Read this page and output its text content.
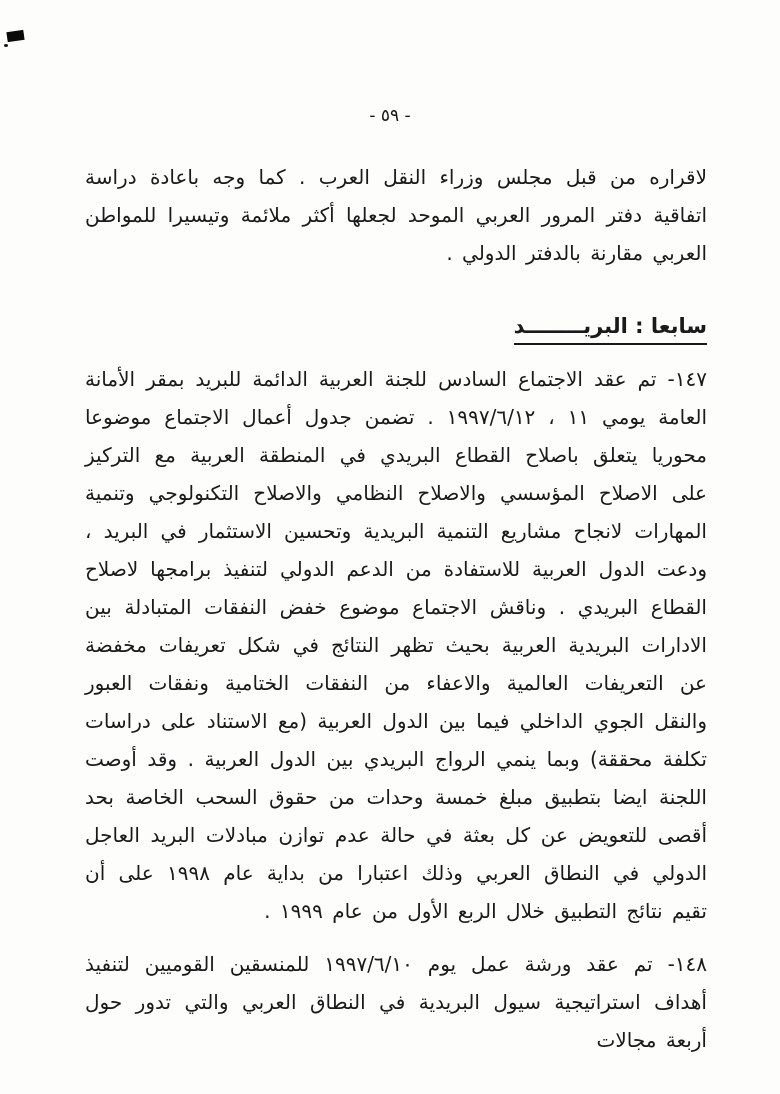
- ٥٩ -

لاقراره من قبل مجلس وزراء النقل العرب . كما وجه باعادة دراسة اتفاقية دفتر المرور العربي الموحد لجعلها أكثر ملائمة وتيسيرا للمواطن العربي مقارنة بالدفتر الدولي .

سابعا : البريــــــــد

١٤٧- تم عقد الاجتماع السادس للجنة العربية الدائمة للبريد بمقر الأمانة العامة يومي ١١ ، ١٩٩٧/٦/١٢ . تضمن جدول أعمال الاجتماع موضوعا محوريا يتعلق باصلاح القطاع البريدي في المنطقة العربية مع التركيز على الاصلاح المؤسسي والاصلاح النظامي والاصلاح التكنولوجي وتنمية المهارات لانجاح مشاريع التنمية البريدية وتحسين الاستثمار في البريد ، ودعت الدول العربية للاستفادة من الدعم الدولي لتنفيذ برامجها لاصلاح القطاع البريدي . وناقش الاجتماع موضوع خفض النفقات المتبادلة بين الادارات البريدية العربية بحيث تظهر النتائج في شكل تعريفات مخفضة عن التعريفات العالمية والاعفاء من النفقات الختامية ونفقات العبور والنقل الجوي الداخلي فيما بين الدول العربية (مع الاستناد على دراسات تكلفة محققة) وبما ينمي الرواج البريدي بين الدول العربية . وقد أوصت اللجنة ايضا بتطبيق مبلغ خمسة وحدات من حقوق السحب الخاصة بحد أقصى للتعويض عن كل بعثة في حالة عدم توازن مبادلات البريد العاجل الدولي في النطاق العربي وذلك اعتبارا من بداية عام ١٩٩٨ على أن تقيم نتائج التطبيق خلال الربع الأول من عام ١٩٩٩ .

١٤٨- تم عقد ورشة عمل يوم ١٩٩٧/٦/١٠ للمنسقين القوميين لتنفيذ أهداف استراتيجية سيول البريدية في النطاق العربي والتي تدور حول أربعة مجالات
